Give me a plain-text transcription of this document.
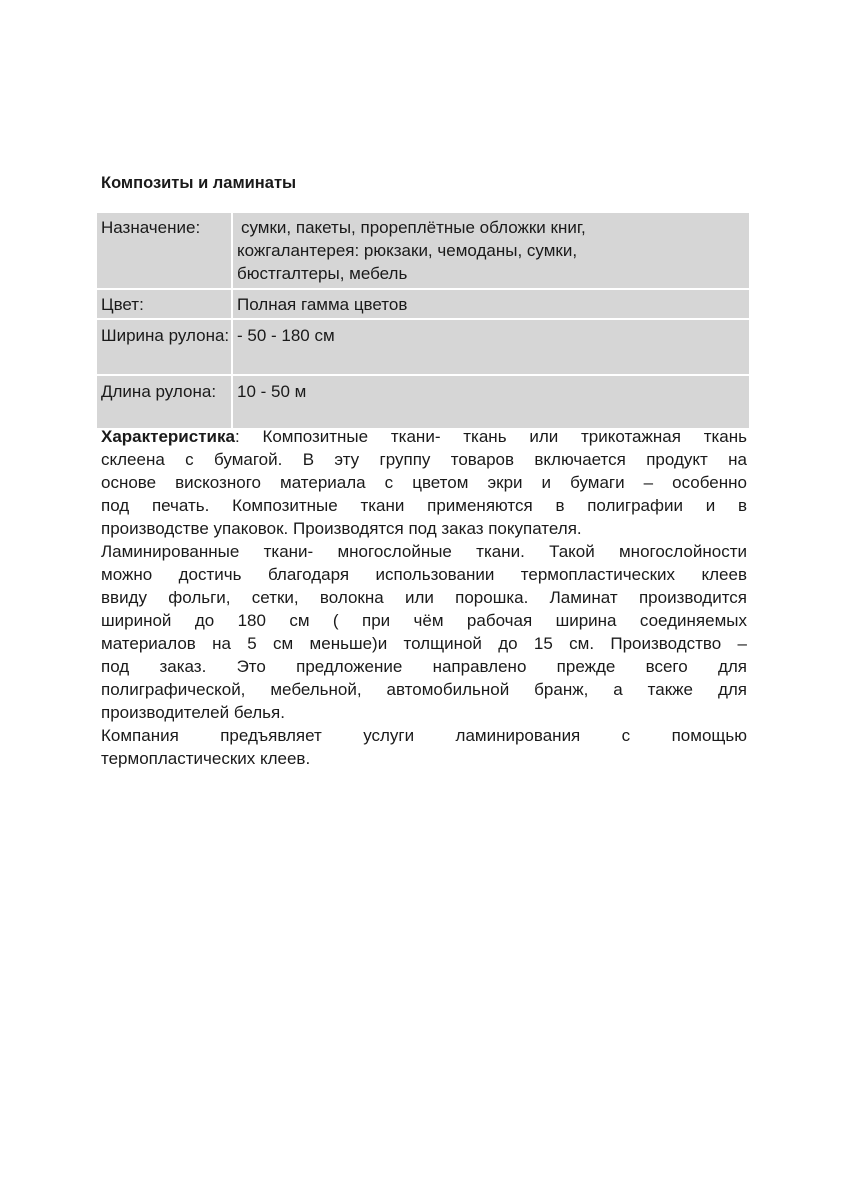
Композиты и ламинаты
Назначение:	сумки, пакеты, прореплётные обложки книг,
кожгалантерея: рюкзаки, чемоданы, сумки,
бюстгалтеры, мебель

Цвет:	Полная гамма цветов

Ширина рулона:	- 50 - 180 см

Длина рулона:	10 - 50 м

Характеристика: Композитные ткани- ткань или трикотажная ткань
склеена с бумагой. В эту группу товаров включается продукт на
основе вискозного материала с цветом экри и бумаги – особенно
под печать. Композитные ткани применяются в полиграфии и в
производстве упаковок. Производятся под заказ покупателя.

Ламинированные ткани- многослойные ткани. Такой многослойности
можно достичь благодаря использовании термопластических клеев
ввиду фольги, сетки, волокна или порошка. Ламинат производится
шириной до 180 см ( при чём рабочая ширина соединяемых
материалов на 5 см меньше)и толщиной до 15 см. Производство –
под заказ. Это предложение направлено прежде всего для
полиграфической, мебельной, автомобильной бранж, а также для
производителей белья.

Компания предъявляет услуги ламинирования с помощью
термопластических клеев.
